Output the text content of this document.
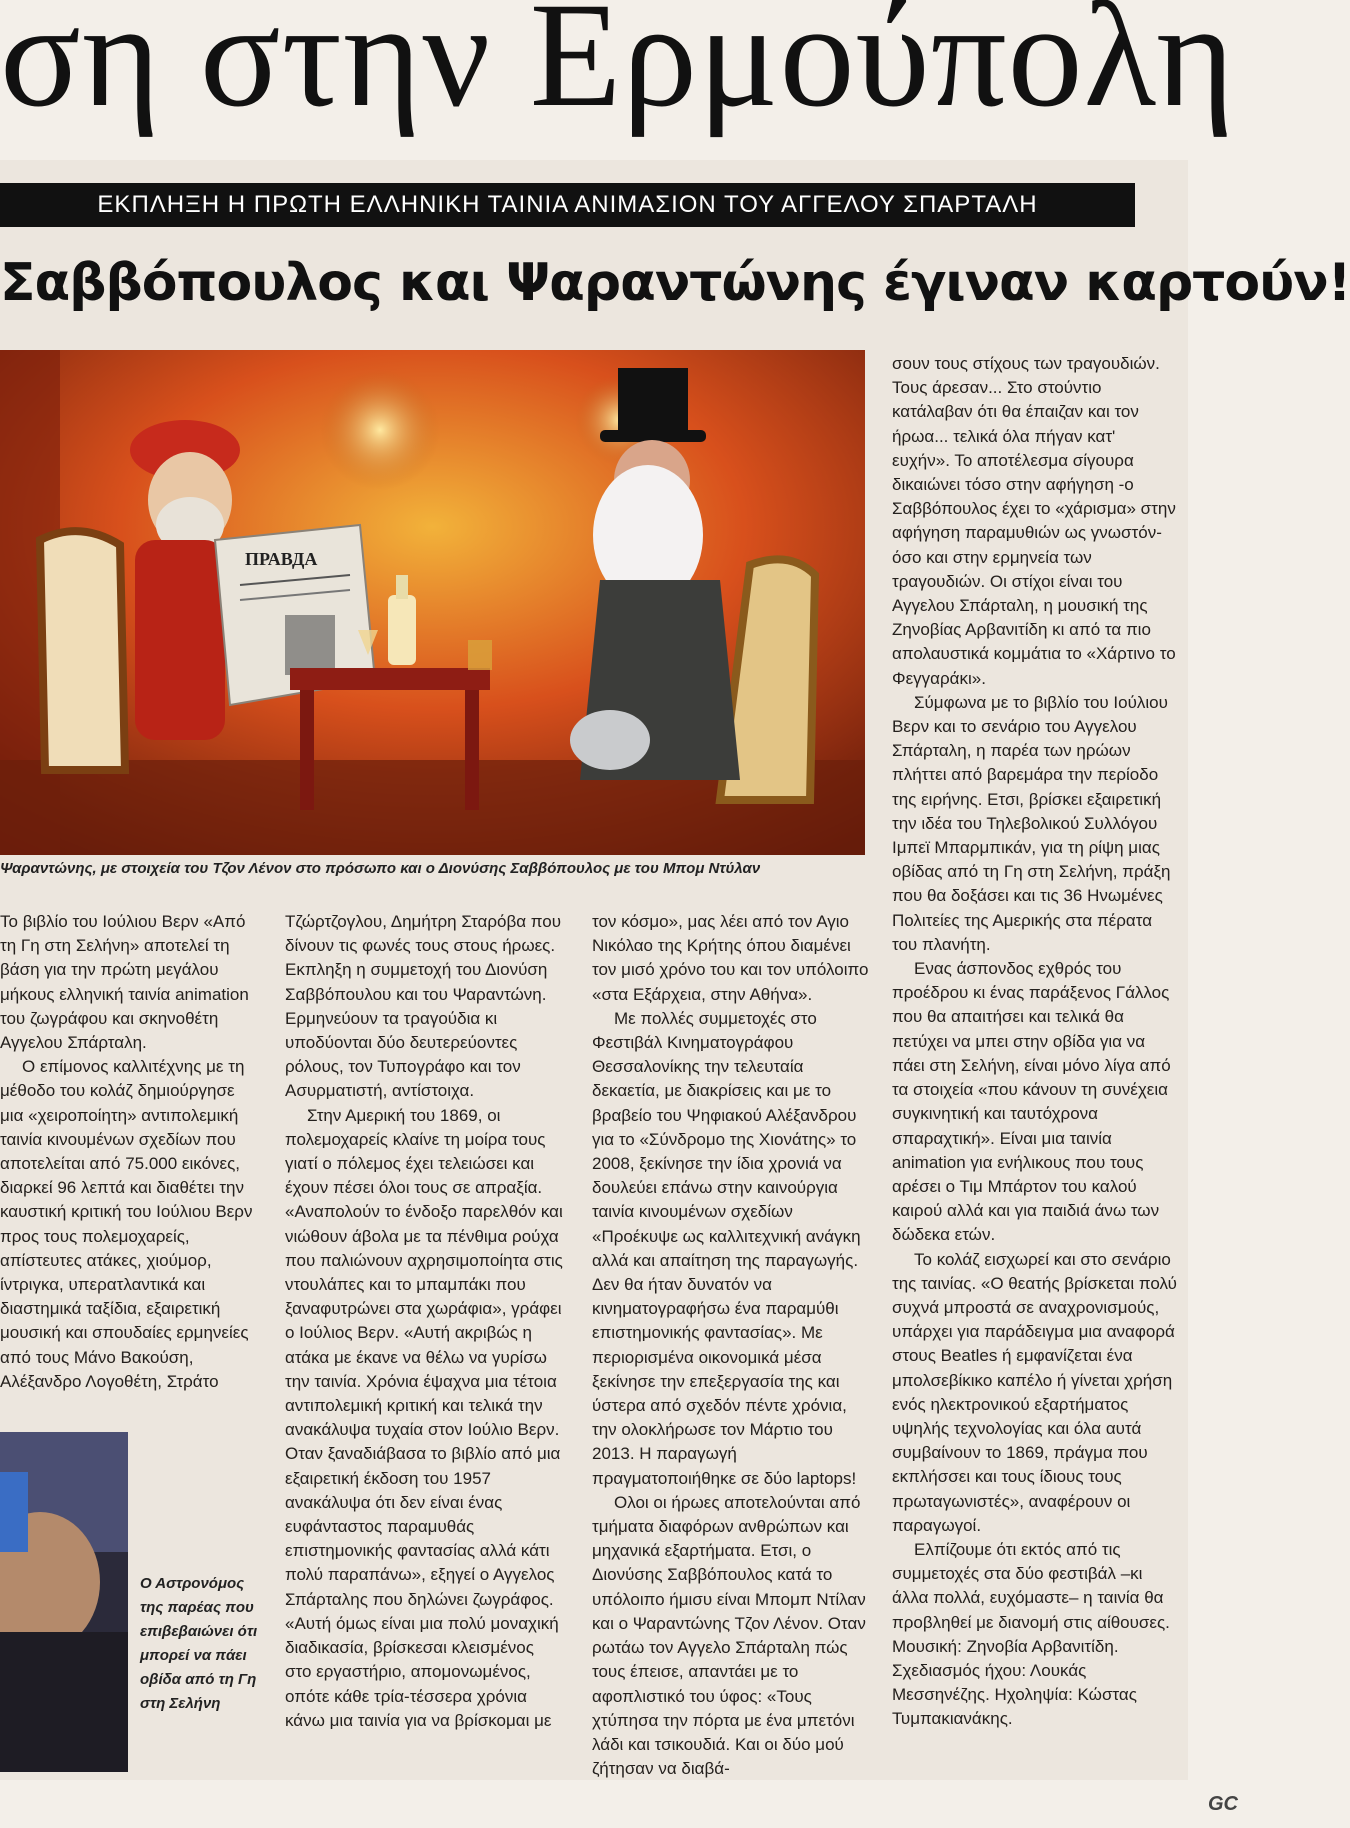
ση στην Ερμούπολη
ΕΚΠΛΗΞΗ Η ΠΡΩΤΗ ΕΛΛΗΝΙΚΗ ΤΑΙΝΙΑ ΑΝΙΜΑΣΙΟΝ ΤΟΥ ΑΓΓΕΛΟΥ ΣΠΑΡΤΑΛΗ
Σαββόπουλος και Ψαραντώνης έγιναν καρτούν!
ПРАВДА
Ψαραντώνης, με στοιχεία του Τζον Λένον στο πρόσωπο και ο Διονύσης Σαββόπουλος με του Μπομ Ντύλαν

Το βιβλίο του Ιούλιου Βερν «Από τη Γη στη Σελήνη» αποτελεί τη βάση για την πρώτη μεγάλου μήκους ελληνική ταινία animation του ζωγράφου και σκηνοθέτη Αγγελου Σπάρταλη.

Ο επίμονος καλλιτέχνης με τη μέθοδο του κολάζ δημιούργησε μια «χειροποίητη» αντιπολεμική ταινία κινουμένων σχεδίων που αποτελείται από 75.000 εικόνες, διαρκεί 96 λεπτά και διαθέτει την καυστική κριτική του Ιούλιου Βερν προς τους πολεμοχαρείς, απίστευτες ατάκες, χιούμορ, ίντριγκα, υπερατλαντικά και διαστημικά ταξίδια, εξαιρετική μουσική και σπουδαίες ερμηνείες από τους Μάνο Βακούση, Αλέξανδρο Λογοθέτη, Στράτο

Ο Αστρονόμος της παρέας που επιβεβαιώνει ότι μπορεί να πάει οβίδα από τη Γη στη Σελήνη

Τζώρτζογλου, Δημήτρη Σταρόβα που δίνουν τις φωνές τους στους ήρωες. Εκπληξη η συμμετοχή του Διονύση Σαββόπουλου και του Ψαραντώνη. Ερμηνεύουν τα τραγούδια κι υποδύονται δύο δευτερεύοντες ρόλους, τον Τυπογράφο και τον Ασυρματιστή, αντίστοιχα.

Στην Αμερική του 1869, οι πολεμοχαρείς κλαίνε τη μοίρα τους γιατί ο πόλεμος έχει τελειώσει και έχουν πέσει όλοι τους σε απραξία. «Αναπολούν το ένδοξο παρελθόν και νιώθουν άβολα με τα πένθιμα ρούχα που παλιώνουν αχρησιμοποίητα στις ντουλάπες και το μπαμπάκι που ξαναφυτρώνει στα χωράφια», γράφει ο Ιούλιος Βερν. «Αυτή ακριβώς η ατάκα με έκανε να θέλω να γυρίσω την ταινία. Χρόνια έψαχνα μια τέτοια αντιπολεμική κριτική και τελικά την ανακάλυψα τυχαία στον Ιούλιο Βερν. Οταν ξαναδιάβασα το βιβλίο από μια εξαιρετική έκδοση του 1957 ανακάλυψα ότι δεν είναι ένας ευφάνταστος παραμυθάς επιστημονικής φαντασίας αλλά κάτι πολύ παραπάνω», εξηγεί ο Αγγελος Σπάρταλης που δηλώνει ζωγράφος. «Αυτή όμως είναι μια πολύ μοναχική διαδικασία, βρίσκεσαι κλεισμένος στο εργαστήριο, απομονωμένος, οπότε κάθε τρία-τέσσερα χρόνια κάνω μια ταινία για να βρίσκομαι με

τον κόσμο», μας λέει από τον Αγιο Νικόλαο της Κρήτης όπου διαμένει τον μισό χρόνο του και τον υπόλοιπο «στα Εξάρχεια, στην Αθήνα».

Με πολλές συμμετοχές στο Φεστιβάλ Κινηματογράφου Θεσσαλονίκης την τελευταία δεκαετία, με διακρίσεις και με το βραβείο του Ψηφιακού Αλέξανδρου για το «Σύνδρομο της Χιονάτης» το 2008, ξεκίνησε την ίδια χρονιά να δουλεύει επάνω στην καινούργια ταινία κινουμένων σχεδίων «Προέκυψε ως καλλιτεχνική ανάγκη αλλά και απαίτηση της παραγωγής. Δεν θα ήταν δυνατόν να κινηματογραφήσω ένα παραμύθι επιστημονικής φαντασίας». Με περιορισμένα οικονομικά μέσα ξεκίνησε την επεξεργασία της και ύστερα από σχεδόν πέντε χρόνια, την ολοκλήρωσε τον Μάρτιο του 2013. Η παραγωγή πραγματοποιήθηκε σε δύο laptops!

Ολοι οι ήρωες αποτελούνται από τμήματα διαφόρων ανθρώπων και μηχανικά εξαρτήματα. Ετσι, ο Διονύσης Σαββόπουλος κατά το υπόλοιπο ήμισυ είναι Μπομπ Ντίλαν και ο Ψαραντώνης Τζον Λένον. Οταν ρωτάω τον Αγγελο Σπάρταλη πώς τους έπεισε, απαντάει με το αφοπλιστικό του ύφος: «Τους χτύπησα την πόρτα με ένα μπετόνι λάδι και τσικουδιά. Και οι δύο μού ζήτησαν να διαβά-

σουν τους στίχους των τραγουδιών. Τους άρεσαν... Στο στούντιο κατάλαβαν ότι θα έπαιζαν και τον ήρωα... τελικά όλα πήγαν κατ' ευχήν». Το αποτέλεσμα σίγουρα δικαιώνει τόσο στην αφήγηση -ο Σαββόπουλος έχει το «χάρισμα» στην αφήγηση παραμυθιών ως γνωστόν- όσο και στην ερμηνεία των τραγουδιών. Οι στίχοι είναι του Αγγελου Σπάρταλη, η μουσική της Ζηνοβίας Αρβανιτίδη κι από τα πιο απολαυστικά κομμάτια το «Χάρτινο το Φεγγαράκι».

Σύμφωνα με το βιβλίο του Ιούλιου Βερν και το σενάριο του Αγγελου Σπάρταλη, η παρέα των ηρώων πλήττει από βαρεμάρα την περίοδο της ειρήνης. Ετσι, βρίσκει εξαιρετική την ιδέα του Τηλεβολικού Συλλόγου Ιμπεϊ Μπαρμπικάν, για τη ρίψη μιας οβίδας από τη Γη στη Σελήνη, πράξη που θα δοξάσει και τις 36 Ηνωμένες Πολιτείες της Αμερικής στα πέρατα του πλανήτη.

Ενας άσπονδος εχθρός του προέδρου κι ένας παράξενος Γάλλος που θα απαιτήσει και τελικά θα πετύχει να μπει στην οβίδα για να πάει στη Σελήνη, είναι μόνο λίγα από τα στοιχεία «που κάνουν τη συνέχεια συγκινητική και ταυτόχρονα σπαραχτική». Είναι μια ταινία animation για ενήλικους που τους αρέσει ο Τιμ Μπάρτον του καλού καιρού αλλά και για παιδιά άνω των δώδεκα ετών.

Το κολάζ εισχωρεί και στο σενάριο της ταινίας. «Ο θεατής βρίσκεται πολύ συχνά μπροστά σε αναχρονισμούς, υπάρχει για παράδειγμα μια αναφορά στους Beatles ή εμφανίζεται ένα μπολσεβίκικο καπέλο ή γίνεται χρήση ενός ηλεκτρονικού εξαρτήματος υψηλής τεχνολογίας και όλα αυτά συμβαίνουν το 1869, πράγμα που εκπλήσσει και τους ίδιους τους πρωταγωνιστές», αναφέρουν οι παραγωγοί.

Ελπίζουμε ότι εκτός από τις συμμετοχές στα δύο φεστιβάλ –κι άλλα πολλά, ευχόμαστε– η ταινία θα προβληθεί με διανομή στις αίθουσες. Μουσική: Ζηνοβία Αρβανιτίδη. Σχεδιασμός ήχου: Λουκάς Μεσσηνέζης. Ηχοληψία: Κώστας Τυμπακιανάκης.

GC
